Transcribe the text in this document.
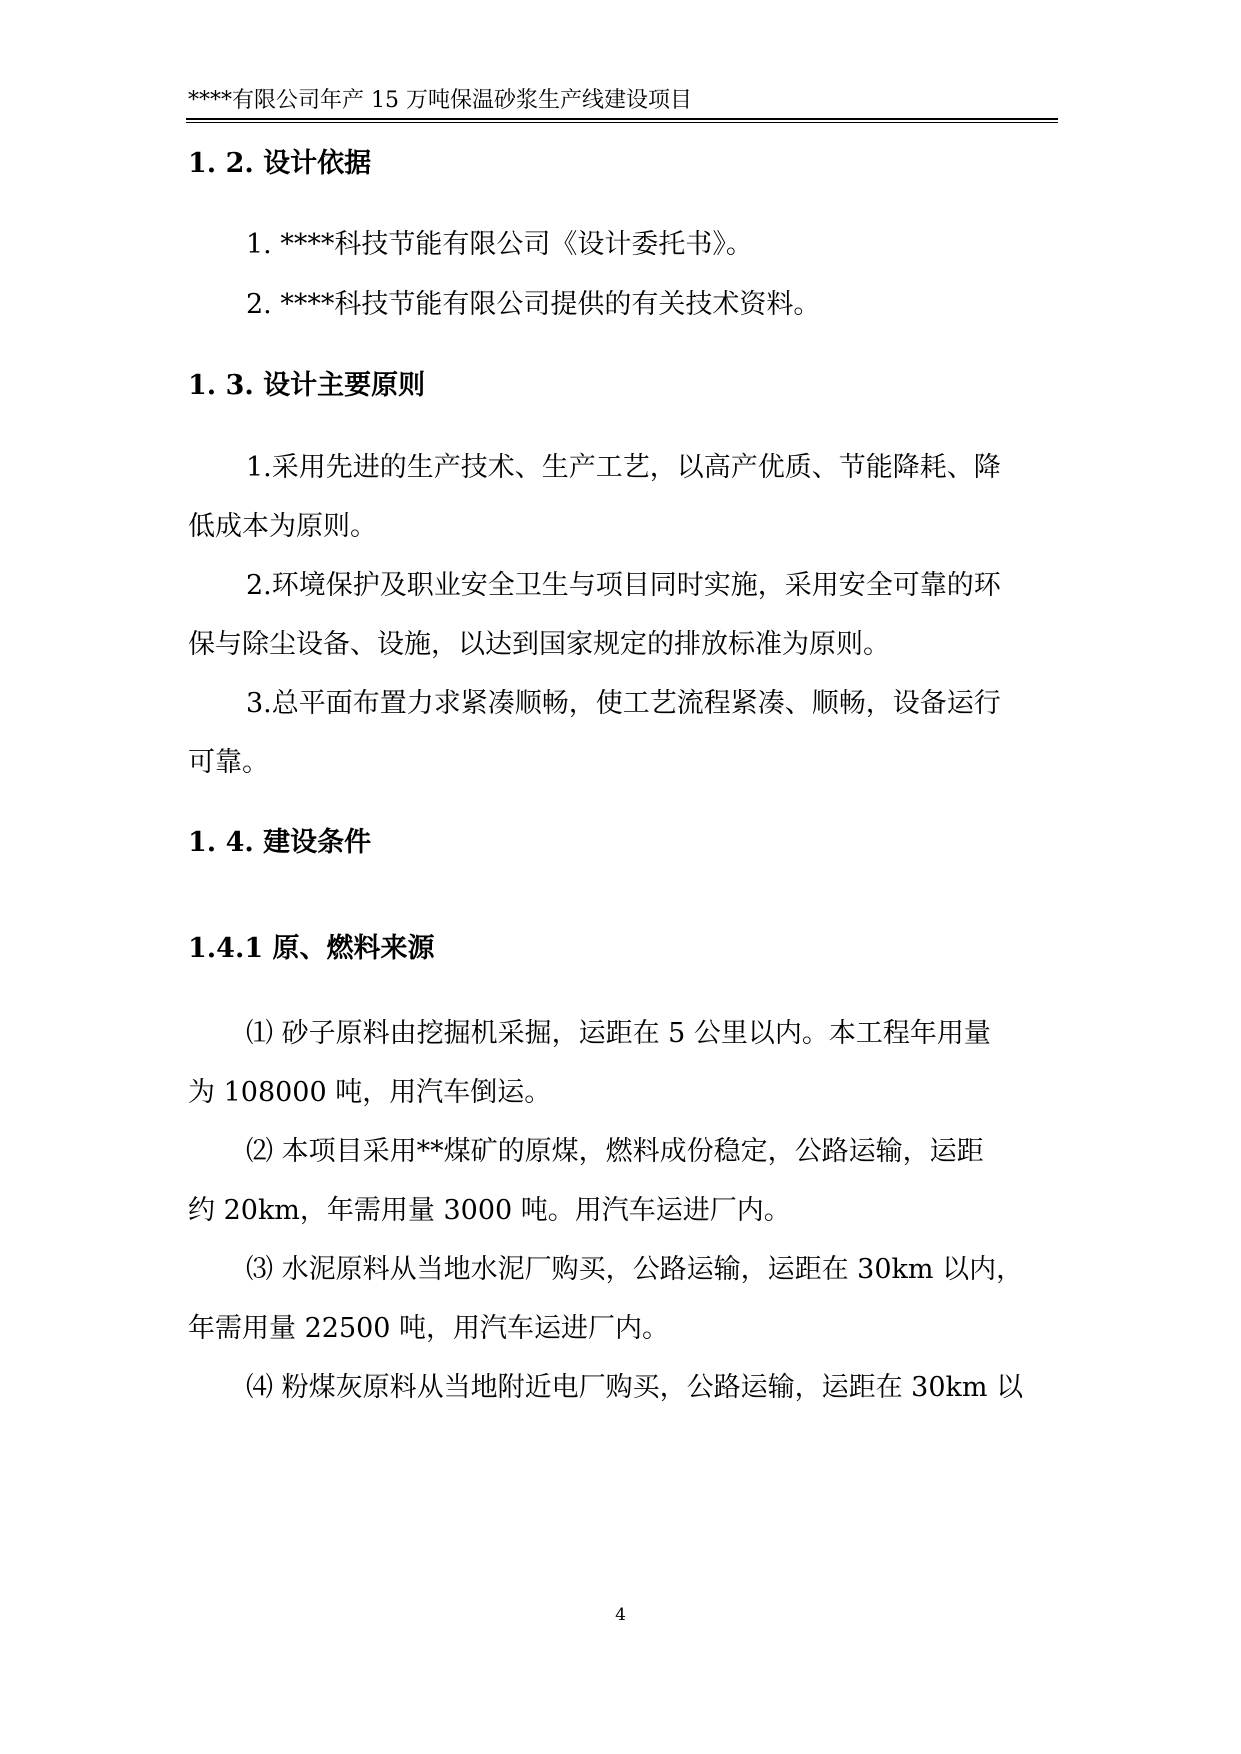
****有限公司年产 15 万吨保温砂浆生产线建设项目
1. 2. 设计依据
1. ****科技节能有限公司《设计委托书》。
2. ****科技节能有限公司提供的有关技术资料。
1. 3. 设计主要原则
1.采用先进的生产技术、生产工艺，以高产优质、节能降耗、降
低成本为原则。
2.环境保护及职业安全卫生与项目同时实施，采用安全可靠的环
保与除尘设备、设施，以达到国家规定的排放标准为原则。
3.总平面布置力求紧凑顺畅，使工艺流程紧凑、顺畅，设备运行
可靠。
1. 4. 建设条件
1.4.1 原、燃料来源
⑴ 砂子原料由挖掘机采掘，运距在 5 公里以内。本工程年用量
为 108000 吨，用汽车倒运。
⑵ 本项目采用**煤矿的原煤，燃料成份稳定，公路运输，运距
约 20km，年需用量 3000 吨。用汽车运进厂内。
⑶ 水泥原料从当地水泥厂购买，公路运输，运距在 30km 以内，
年需用量 22500 吨，用汽车运进厂内。
⑷ 粉煤灰原料从当地附近电厂购买，公路运输，运距在 30km 以
4
